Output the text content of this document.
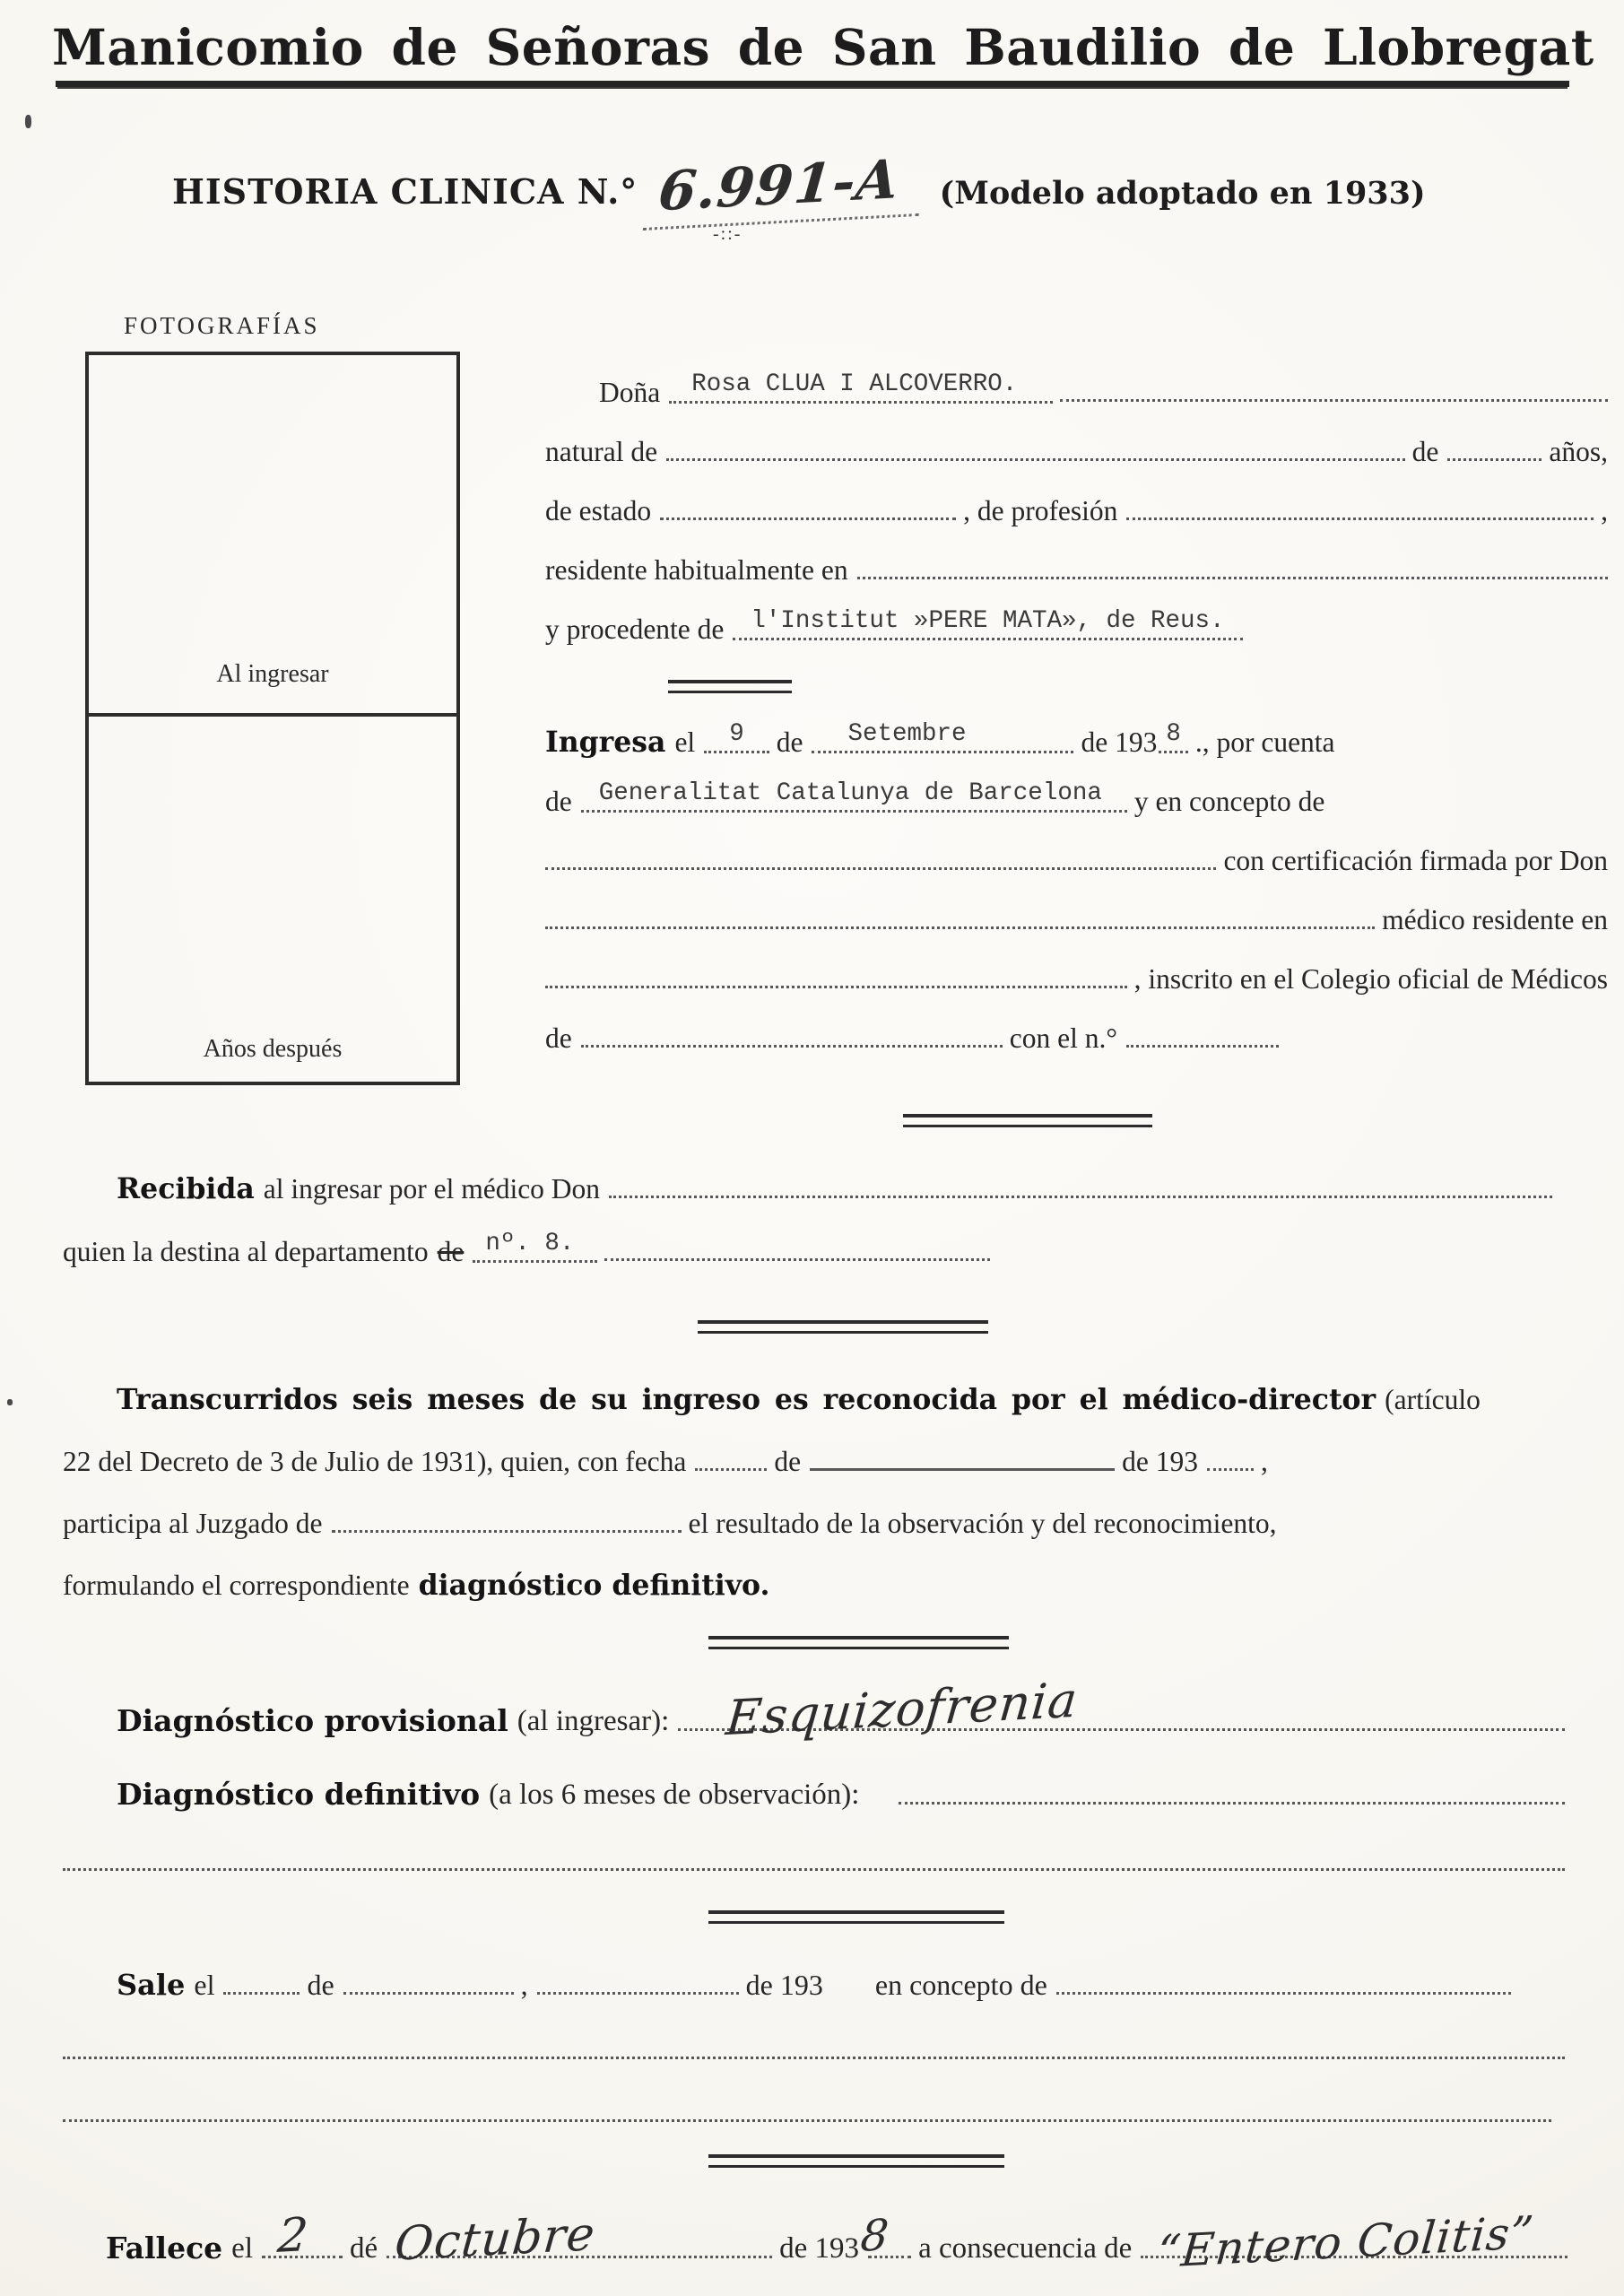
Manicomio de Señoras de San Baudilio de Llobregat
HISTORIA CLINICA N.° 6.991-A	(Modelo adoptado en 1933)
-::-
FOTOGRAFÍAS
Al ingresar
Años después
Doña	Rosa CLUA I ALCOVERRO.
natural de	de	años,
de estado	, de profesión	,
residente habitualmente en
y procedente de	l'Institut »PERE MATA», de Reus.
Ingresa el	9	de	Setembre	de 193 8 ., por cuenta
de	Generalitat Catalunya de Barcelona	y en concepto de
con certificación firmada por Don
médico residente en
, inscrito en el Colegio oficial de Médicos
de	con el n.°
Recibida al ingresar por el médico Don
quien la destina al departamento de nº. 8.
Transcurridos seis meses de su ingreso es reconocida por el médico-director (artículo
22 del Decreto de 3 de Julio de 1931), quien, con fecha	de	de 193 ,
participa al Juzgado de	el resultado de la observación y del reconocimiento,
formulando el correspondiente diagnóstico definitivo.
Diagnóstico provisional (al ingresar): Esquizofrenia
Diagnóstico definitivo (a los 6 meses de observación):
Sale el	de	,	de 193 en concepto de
Fallece el 2 dé Octubre	de 193 8 a consecuencia de “Entero Colitis”
